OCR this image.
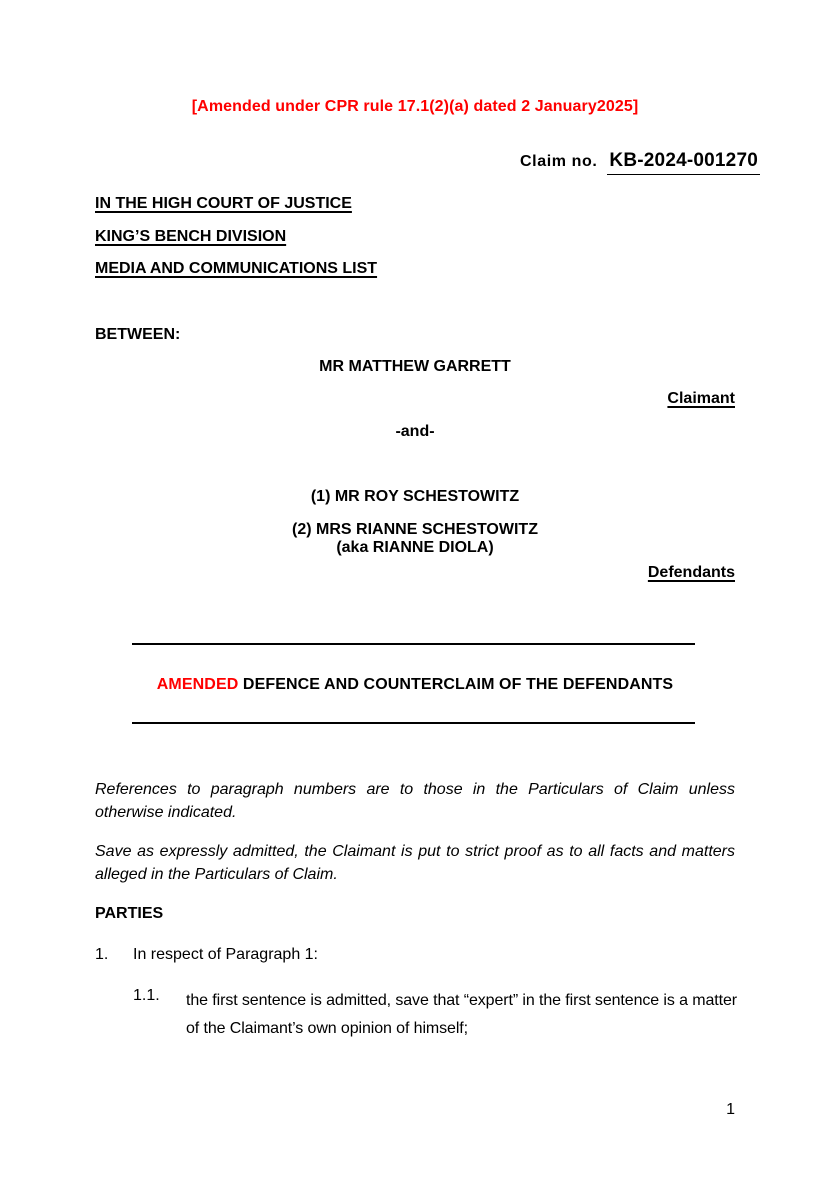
[Amended under CPR rule 17.1(2)(a) dated 2 January2025]
Claim no. KB-2024-001270
IN THE HIGH COURT OF JUSTICE
KING’S BENCH DIVISION
MEDIA AND COMMUNICATIONS LIST
BETWEEN:
MR MATTHEW GARRETT
Claimant
-and-
(1) MR ROY SCHESTOWITZ
(2) MRS RIANNE SCHESTOWITZ
(aka RIANNE DIOLA)
Defendants
AMENDED DEFENCE AND COUNTERCLAIM OF THE DEFENDANTS
References to paragraph numbers are to those in the Particulars of Claim unless otherwise indicated.
Save as expressly admitted, the Claimant is put to strict proof as to all facts and matters alleged in the Particulars of Claim.
PARTIES
1.	In respect of Paragraph 1:
1.1.	the first sentence is admitted, save that “expert” in the first sentence is a matter of the Claimant’s own opinion of himself;
1
